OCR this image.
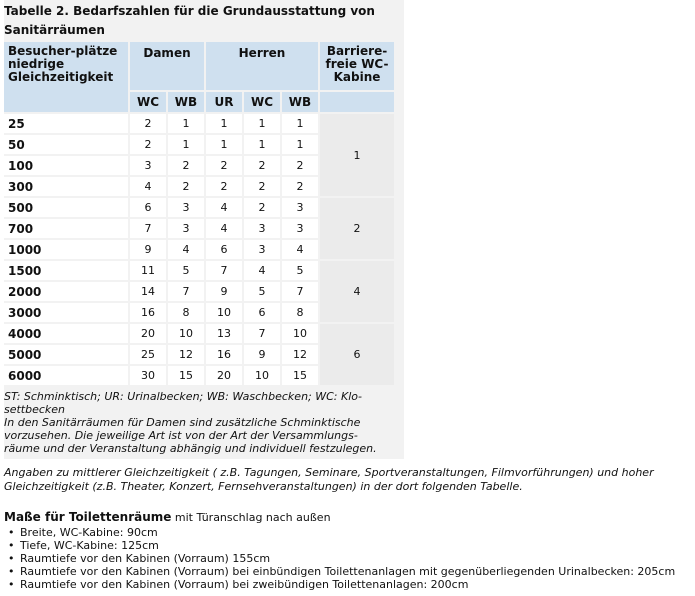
Tabelle 2. Bedarfszahlen für die Grundausstattung von Sanitärräumen
Besucher-plätze niedrige Gleichzeitigkeit	Damen		Herren			Barriere-freie WC-Kabine
	WC	WB	UR	WC	WB	
25	2	1	1	1	1	1
50	2	1	1	1	1	
100	3	2	2	2	2	
300	4	2	2	2	2	
500	6	3	4	2	3	2
700	7	3	4	3	3	
1000	9	4	6	3	4	
1500	11	5	7	4	5	4
2000	14	7	9	5	7	
3000	16	8	10	6	8	
4000	20	10	13	7	10	6
5000	25	12	16	9	12	
6000	30	15	20	10	15	
ST: Schminktisch; UR: Urinalbecken; WB: Waschbecken; WC: Klo-settbecken
In den Sanitärräumen für Damen sind zusätzliche Schminktische vorzusehen. Die jeweilige Art ist von der Art der Versammlungs-räume und der Veranstaltung abhängig und individuell festzulegen.
Angaben zu mittlerer Gleichzeitigkeit ( z.B. Tagungen, Seminare, Sportveranstaltungen, Filmvorführungen) und hoher Gleichzeitigkeit (z.B. Theater, Konzert, Fernsehveranstaltungen) in der dort folgenden Tabelle.
Maße für Toilettenräume mit Türanschlag nach außen
• Breite, WC-Kabine: 90cm
• Tiefe, WC-Kabine: 125cm
• Raumtiefe vor den Kabinen (Vorraum) 155cm
• Raumtiefe vor den Kabinen (Vorraum) bei einbündigen Toilettenanlagen mit gegenüberliegenden Urinalbecken: 205cm
• Raumtiefe vor den Kabinen (Vorraum) bei zweibündigen Toilettenanlagen: 200cm
